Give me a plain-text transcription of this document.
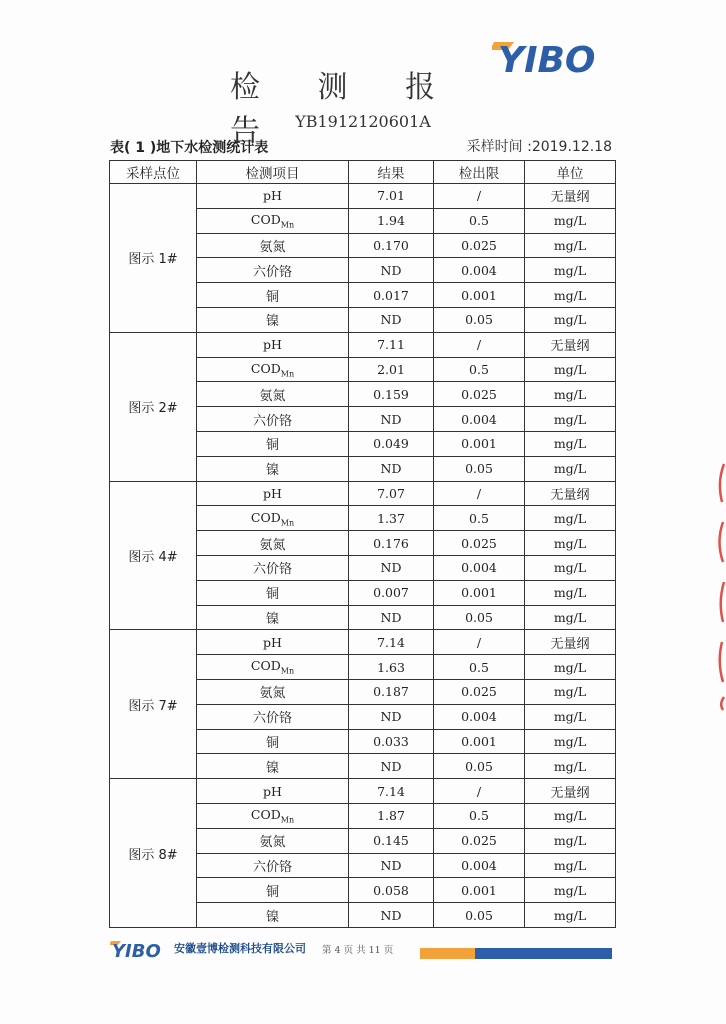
YIBO
检 测 报 告 YB1912120601A
表( 1 )地下水检测统计表	采样时间 :2019.12.18
采样点位	检测项目	结果	检出限	单位
图示 1#	pH	7.01	/	无量纲
	$COD_{Mn}$	1.94	0.5	mg/L
	氨氮	0.170	0.025	mg/L
	六价铬	ND	0.004	mg/L
	铜	0.017	0.001	mg/L
	镍	ND	0.05	mg/L
图示 2#	pH	7.11	/	无量纲
	$COD_{Mn}$	2.01	0.5	mg/L
	氨氮	0.159	0.025	mg/L
	六价铬	ND	0.004	mg/L
	铜	0.049	0.001	mg/L
	镍	ND	0.05	mg/L
图示 4#	pH	7.07	/	无量纲
	$COD_{Mn}$	1.37	0.5	mg/L
	氨氮	0.176	0.025	mg/L
	六价铬	ND	0.004	mg/L
	铜	0.007	0.001	mg/L
	镍	ND	0.05	mg/L
图示 7#	pH	7.14	/	无量纲
	$COD_{Mn}$	1.63	0.5	mg/L
	氨氮	0.187	0.025	mg/L
	六价铬	ND	0.004	mg/L
	铜	0.033	0.001	mg/L
	镍	ND	0.05	mg/L
图示 8#	pH	7.14	/	无量纲
	$COD_{Mn}$	1.87	0.5	mg/L
	氨氮	0.145	0.025	mg/L
	六价铬	ND	0.004	mg/L
	铜	0.058	0.001	mg/L
	镍	ND	0.05	mg/L
YIBO 安徽壹博检测科技有限公司 第 4 页 共 11 页
